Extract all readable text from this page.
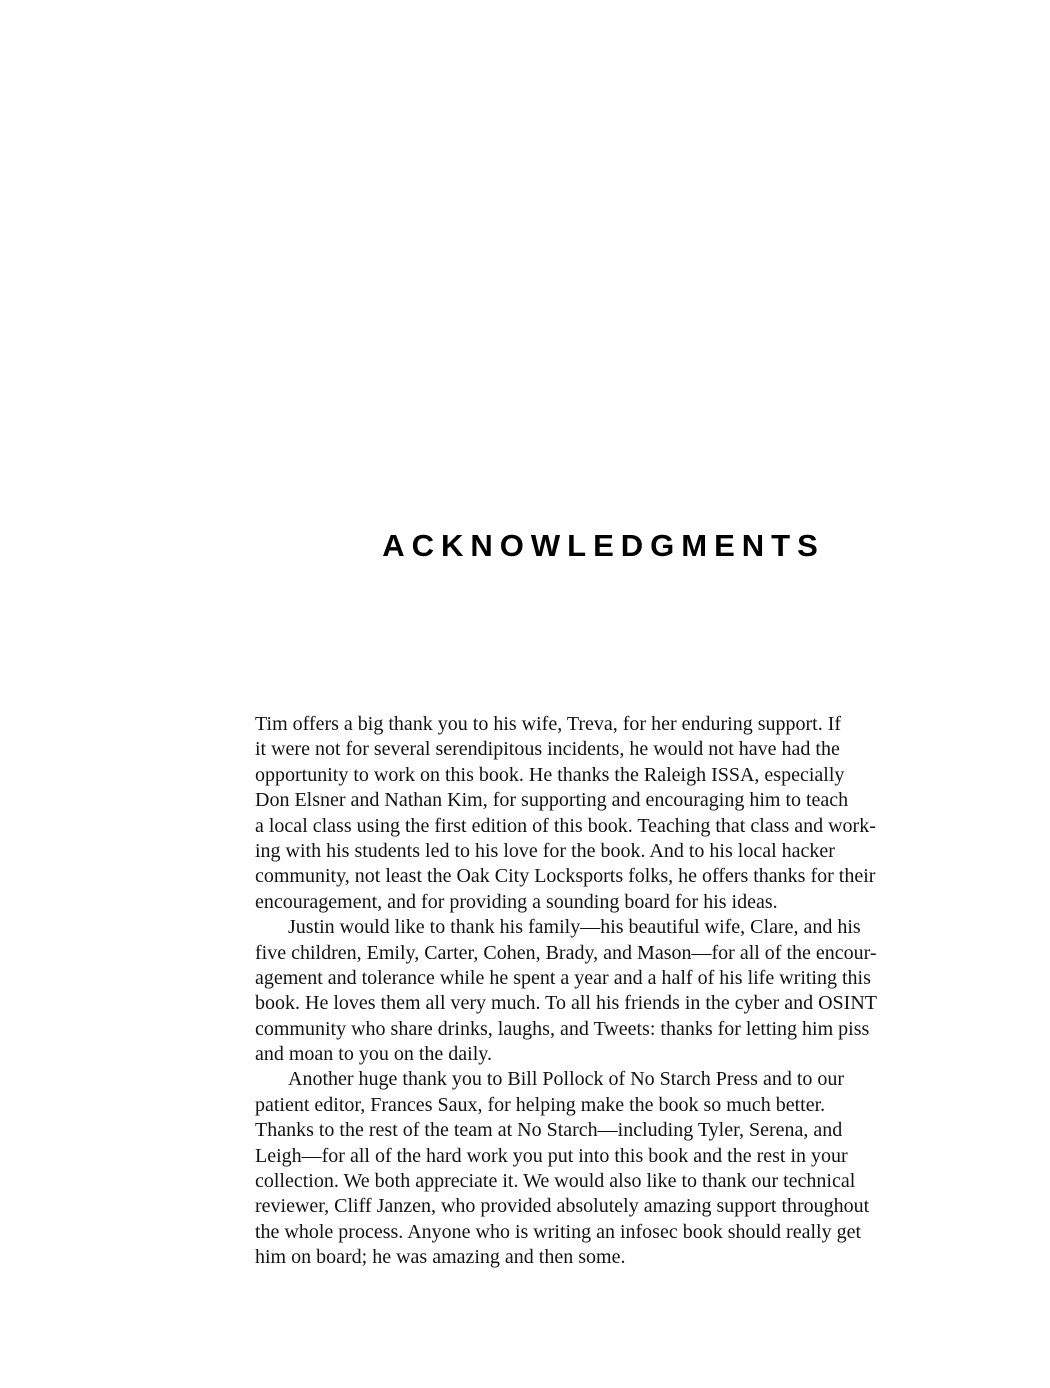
ACKNOWLEDGMENTS
Tim offers a big thank you to his wife, Treva, for her enduring support. If
it were not for several serendipitous incidents, he would not have had the
opportunity to work on this book. He thanks the Raleigh ISSA, especially
Don Elsner and Nathan Kim, for supporting and encouraging him to teach
a local class using the first edition of this book. Teaching that class and work-
ing with his students led to his love for the book. And to his local hacker
community, not least the Oak City Locksports folks, he offers thanks for their
encouragement, and for providing a sounding board for his ideas.
Justin would like to thank his family—his beautiful wife, Clare, and his
five children, Emily, Carter, Cohen, Brady, and Mason—for all of the encour-
agement and tolerance while he spent a year and a half of his life writing this
book. He loves them all very much. To all his friends in the cyber and OSINT
community who share drinks, laughs, and Tweets: thanks for letting him piss
and moan to you on the daily.
Another huge thank you to Bill Pollock of No Starch Press and to our
patient editor, Frances Saux, for helping make the book so much better.
Thanks to the rest of the team at No Starch—including Tyler, Serena, and
Leigh—for all of the hard work you put into this book and the rest in your
collection. We both appreciate it. We would also like to thank our technical
reviewer, Cliff Janzen, who provided absolutely amazing support throughout
the whole process. Anyone who is writing an infosec book should really get
him on board; he was amazing and then some.
